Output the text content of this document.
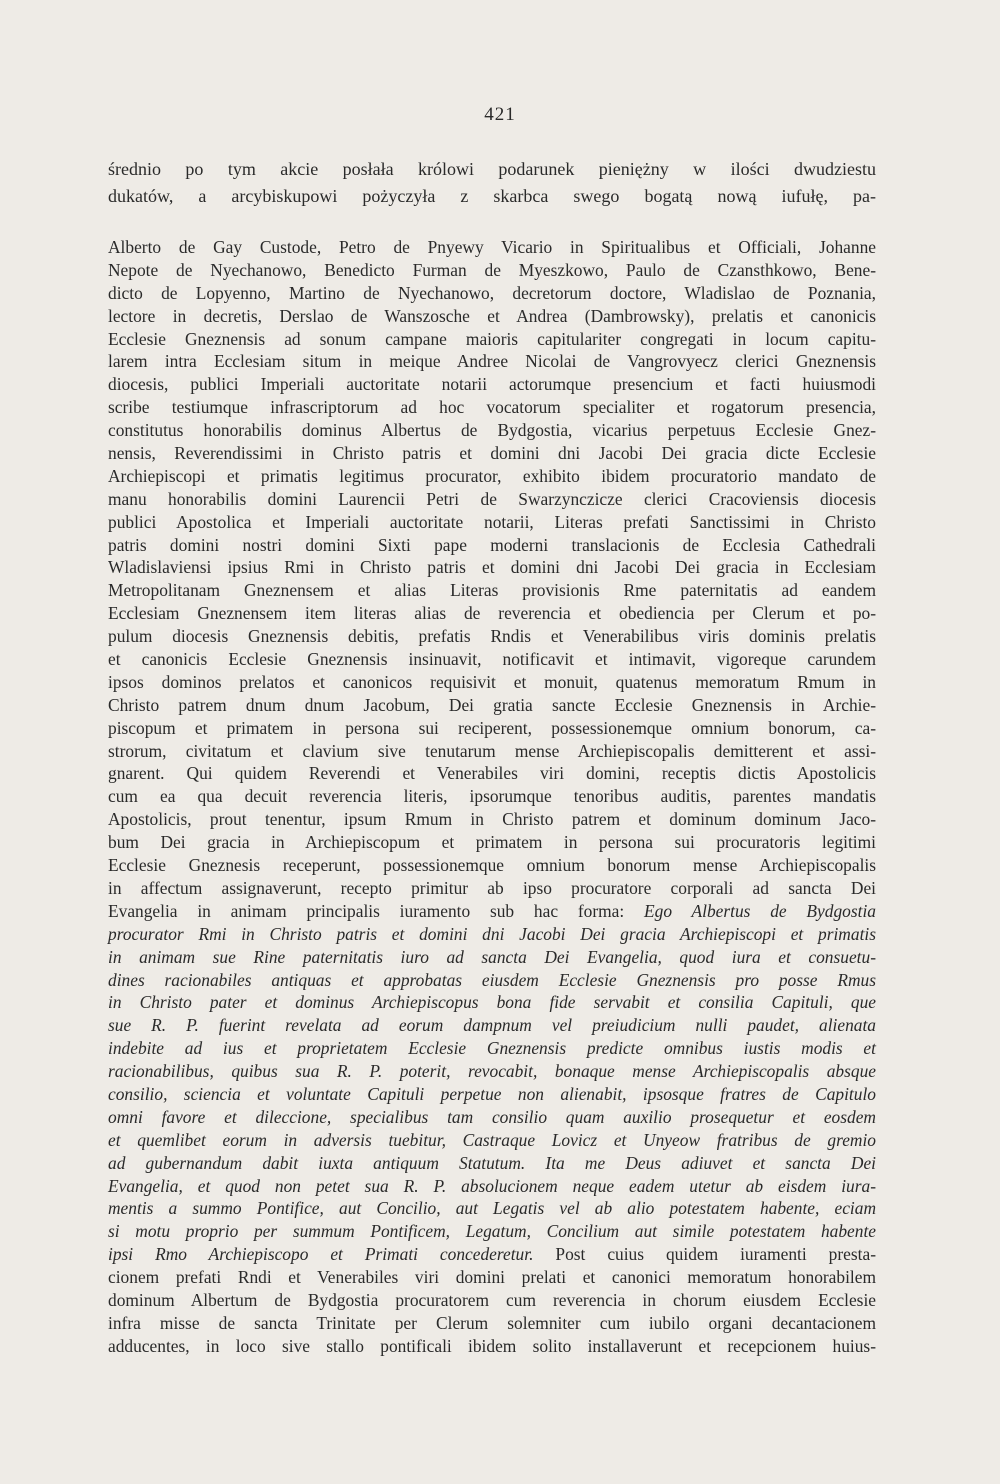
421
średnio po tym akcie posłała królowi podarunek pieniężny w ilości dwudziestu
dukatów, a arcybiskupowi pożyczyła z skarbca swego bogatą nową iufułę, pa-
Alberto de Gay Custode, Petro de Pnyewy Vicario in Spiritualibus et Officiali, Johanne
Nepote de Nyechanowo, Benedicto Furman de Myeszkowo, Paulo de Czansthkowo, Bene-
dicto de Lopyenno, Martino de Nyechanowo, decretorum doctore, Wladislao de Poznania,
lectore in decretis, Derslao de Wanszosche et Andrea (Dambrowsky), prelatis et canonicis
Ecclesie Gneznensis ad sonum campane maioris capitulariter congregati in locum capitu-
larem intra Ecclesiam situm in meique Andree Nicolai de Vangrovyecz clerici Gneznensis
diocesis, publici Imperiali auctoritate notarii actorumque presencium et facti huiusmodi
scribe testiumque infrascriptorum ad hoc vocatorum specialiter et rogatorum presencia,
constitutus honorabilis dominus Albertus de Bydgostia, vicarius perpetuus Ecclesie Gnez-
nensis, Reverendissimi in Christo patris et domini dni Jacobi Dei gracia dicte Ecclesie
Archiepiscopi et primatis legitimus procurator, exhibito ibidem procuratorio mandato de
manu honorabilis domini Laurencii Petri de Swarzynczicze clerici Cracoviensis diocesis
publici Apostolica et Imperiali auctoritate notarii, Literas prefati Sanctissimi in Christo
patris domini nostri domini Sixti pape moderni translacionis de Ecclesia Cathedrali
Wladislaviensi ipsius Rmi in Christo patris et domini dni Jacobi Dei gracia in Ecclesiam
Metropolitanam Gneznensem et alias Literas provisionis Rme paternitatis ad eandem
Ecclesiam Gneznensem item literas alias de reverencia et obediencia per Clerum et po-
pulum diocesis Gneznensis debitis, prefatis Rndis et Venerabilibus viris dominis prelatis
et canonicis Ecclesie Gneznensis insinuavit, notificavit et intimavit, vigoreque carundem
ipsos dominos prelatos et canonicos requisivit et monuit, quatenus memoratum Rmum in
Christo patrem dnum dnum Jacobum, Dei gratia sancte Ecclesie Gneznensis in Archie-
piscopum et primatem in persona sui reciperent, possessionemque omnium bonorum, ca-
strorum, civitatum et clavium sive tenutarum mense Archiepiscopalis demitterent et assi-
gnarent. Qui quidem Reverendi et Venerabiles viri domini, receptis dictis Apostolicis
cum ea qua decuit reverencia literis, ipsorumque tenoribus auditis, parentes mandatis
Apostolicis, prout tenentur, ipsum Rmum in Christo patrem et dominum dominum Jaco-
bum Dei gracia in Archiepiscopum et primatem in persona sui procuratoris legitimi
Ecclesie Gneznesis receperunt, possessionemque omnium bonorum mense Archiepiscopalis
in affectum assignaverunt, recepto primitur ab ipso procuratore corporali ad sancta Dei
Evangelia in animam principalis iuramento sub hac forma: Ego Albertus de Bydgostia
procurator Rmi in Christo patris et domini dni Jacobi Dei gracia Archiepiscopi et primatis
in animam sue Rine paternitatis iuro ad sancta Dei Evangelia, quod iura et consuetu-
dines racionabiles antiquas et approbatas eiusdem Ecclesie Gneznensis pro posse Rmus
in Christo pater et dominus Archiepiscopus bona fide servabit et consilia Capituli, que
sue R. P. fuerint revelata ad eorum dampnum vel preiudicium nulli paudet, alienata
indebite ad ius et proprietatem Ecclesie Gneznensis predicte omnibus iustis modis et
racionabilibus, quibus sua R. P. poterit, revocabit, bonaque mense Archiepiscopalis absque
consilio, sciencia et voluntate Capituli perpetue non alienabit, ipsosque fratres de Capitulo
omni favore et dileccione, specialibus tam consilio quam auxilio prosequetur et eosdem
et quemlibet eorum in adversis tuebitur, Castraque Lovicz et Unyeow fratribus de gremio
ad gubernandum dabit iuxta antiquum Statutum. Ita me Deus adiuvet et sancta Dei
Evangelia, et quod non petet sua R. P. absolucionem neque eadem utetur ab eisdem iura-
mentis a summo Pontifice, aut Concilio, aut Legatis vel ab alio potestatem habente, eciam
si motu proprio per summum Pontificem, Legatum, Concilium aut simile potestatem habente
ipsi Rmo Archiepiscopo et Primati concederetur. Post cuius quidem iuramenti presta-
cionem prefati Rndi et Venerabiles viri domini prelati et canonici memoratum honorabilem
dominum Albertum de Bydgostia procuratorem cum reverencia in chorum eiusdem Ecclesie
infra misse de sancta Trinitate per Clerum solemniter cum iubilo organi decantacionem
adducentes, in loco sive stallo pontificali ibidem solito installaverunt et recepcionem huius-
